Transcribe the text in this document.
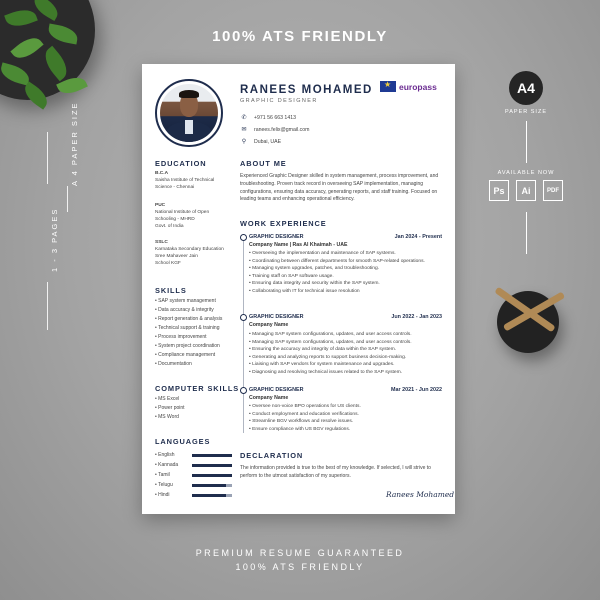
100% ATS FRIENDLY
A 4 PAPER SIZE
1 - 3 PAGES
A4
PAPER SIZE
AVAILABLE NOW
Ps	Ai	PDF
PREMIUM RESUME GUARANTEED
100% ATS FRIENDLY
RANEES MOHAMED
GRAPHIC DESIGNER
★
europass
✆ +971 56 663 1413
✉ ranees.felix@gmail.com
⚲	Dubai, UAE
EDUCATION
B.C.A
Saisha Institute of Technical
Science - Chennai
PUC
National Institute of Open
Schooling - MHRD
Govt. of India
SSLC
Karnataka Secondary Education
Sree Mahaveer Jain
School KGF
SKILLS
• SAP system management
• Data accuracy & integrity
• Report generation & analysis
• Technical support & training
• Process improvement
• System project coordination
• Compliance management
• Documentation
COMPUTER SKILLS
• MS Excel
• Power point
• MS Word
LANGUAGES
• English
• Kannada
• Tamil
• Telugu
• Hindi
ABOUT ME
Experienced Graphic Designer skilled in system management, process improvement, and troubleshooting. Proven track record in overseeing SAP implementation, managing configurations, ensuring data accuracy, generating reports, and staff training. Focused on leading teams and enhancing operational efficiency.
WORK EXPERIENCE
GRAPHIC DESIGNER	Jan 2024 - Present
Company Name | Ras Al Khaimah - UAE
• Overseeing the implementation and maintenance of SAP systems.
• Coordinating between different departments for smooth SAP-related operations.
• Managing system upgrades, patches, and troubleshooting.
• Training staff on SAP software usage.
• Ensuring data integrity and security within the SAP system.
• Collaborating with IT for technical issue resolution
GRAPHIC DESIGNER	Jun 2022 - Jan 2023
Company Name
• Managing SAP system configurations, updates, and user access controls.
• Managing SAP system configurations, updates, and user access controls.
• Ensuring the accuracy and integrity of data within the SAP system.
• Generating and analyzing reports to support business decision-making.
• Liaising with SAP vendors for system maintenance and upgrades.
• Diagnosing and resolving technical issues related to the SAP system.
GRAPHIC DESIGNER	Mar 2021 - Jun 2022
Company Name
• Oversee non-voice BPO operations for US clients.
• Conduct employment and education verifications.
• Streamline BGV workflows and resolve issues.
• Ensure compliance with US BGV regulations.
DECLARATION
The information provided is true to the best of my knowledge. If selected, I will strive to perform to the utmost satisfaction of my superiors.
Ranees Mohamed
